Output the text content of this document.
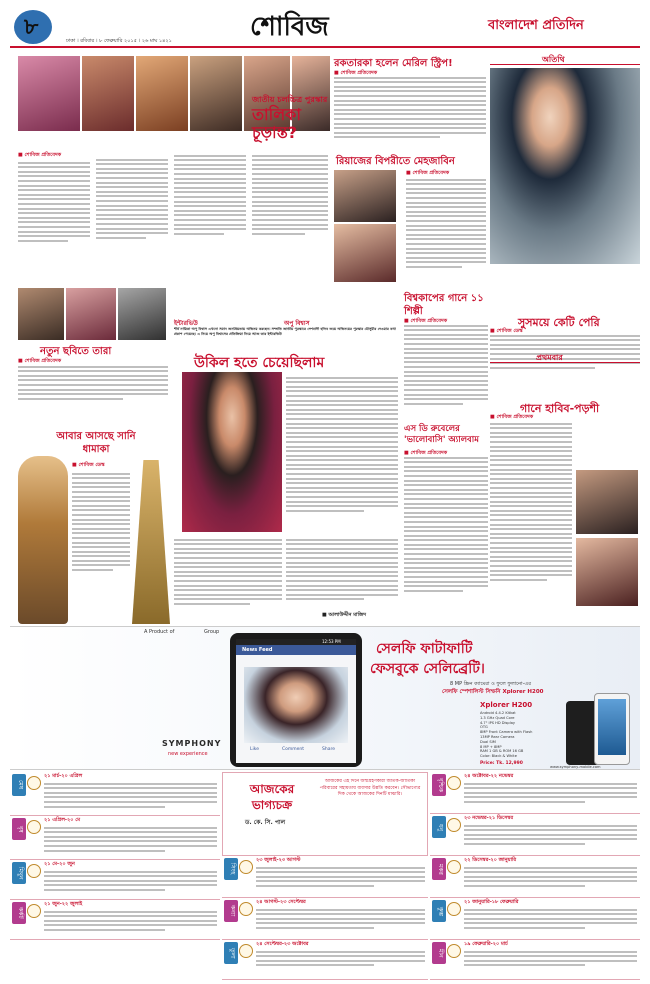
৮	শোবিজ
ঢাকা । রবিবার । ৮ ফেব্রুয়ারি ২০১৫ । ২৬ মাঘ ১৪২১
বাংলাদেশ প্রতিদিন
জাতীয় চলচ্চিত্র পুরস্কার
তালিকা চূড়ান্ত?
■ শোবিজ প্রতিবেদক
নতুন ছবিতে তারা
■ শোবিজ প্রতিবেদক
আবার আসছে সানি ধামাকা
■ শোবিজ ডেস্ক
ইন্টারভিউ	অপু বিশ্বাস
শীর্ষ নায়িকা অপু বিশ্বাস এখনো সমান জনপ্রিয়তায় অভিনয় করছেন। সম্প্রতি জাতীয় পুরস্কারে দেশবাসী হলিব জয়ে অভিনয়ের পুরস্কার মৌসুমীর দেওয়ার কথা প্রকাশ পেয়েছে। এ নিয়ে অপু বিশ্বাসের প্রতিক্রিয়া নিয়ে আজ তার ইন্টারভিউ
উকিল হতে চেয়েছিলাম
■ আলাউদ্দীন মাজিদ
রকতারকা হলেন মেরিল স্ট্রিপ!
■ শোবিজ প্রতিবেদক
রিয়াজের বিপরীতে মেহজাবিন
■ শোবিজ প্রতিবেদক
বিশ্বকাপের গানে ১১ শিল্পী
■ শোবিজ প্রতিবেদক
এস ডি রুবেলের 'ভালোবাসি' অ্যালবাম
■ শোবিজ প্রতিবেদক
অতিথি
সুসময়ে কেটি পেরি
■ শোবিজ ডেস্ক
প্রথমবার
গানে হাবিব-পড়শী
■ শোবিজ প্রতিবেদক
A Product of	Group
12:53 PM
News Feed
Like	Comment	Share
SYMPHONY
new experience
সেলফি ফাটাফাটি
ফেসবুকে সেলিব্রেটি।
8 MP স্ক্রিন ক্যামেরা ও ফুলে ফুলানো-এর
সেলফি স্পেশালিস্ট সিম্ফনি Xplorer H200
Xplorer H200
Android 4.4.2 Kitkat
1.3 GHz Quad Core
4.7" IPS HD Display
OTG
8MP Front Camera with Flash
13MP Rear Camera
Dual SIM
8 MP + 8MP
RAM 1 GB & ROM 16 GB
Color: Black & White
Price: Tk. 12,990
www.symphony-mobile.com
মেষ
২১ মার্চ-২০ এপ্রিল
বৃষ
২১ এপ্রিল-২০ মে
মিথুন
২১ মে-২০ জুন
কর্কট
২১ জুন-২২ জুলাই
আজকের ভাগ্যচক্র
ড. কে. সি. পাল
আজকের এই দিনে জন্মগ্রহণকারী জাতক-জাতিকা পরিবারের সহায়তায় ব্যবসার উন্নতি করবেন। সৌভাগ্যের দিক থেকে আজকের দিনটি মাঝারি।
সিংহ
২৩ জুলাই-২৩ আগস্ট
কন্যা
২৪ আগস্ট-২৩ সেপ্টেম্বর
তুলা
২৪ সেপ্টেম্বর-২৩ অক্টোবর
বৃশ্চিক
২৪ অক্টোবর-২২ নভেম্বর
ধনু
২৩ নভেম্বর-২১ ডিসেম্বর
মকর
২২ ডিসেম্বর-২০ জানুয়ারি
কুম্ভ
২১ জানুয়ারি-১৮ ফেব্রুয়ারি
মীন
১৯ ফেব্রুয়ারি-২০ মার্চ
